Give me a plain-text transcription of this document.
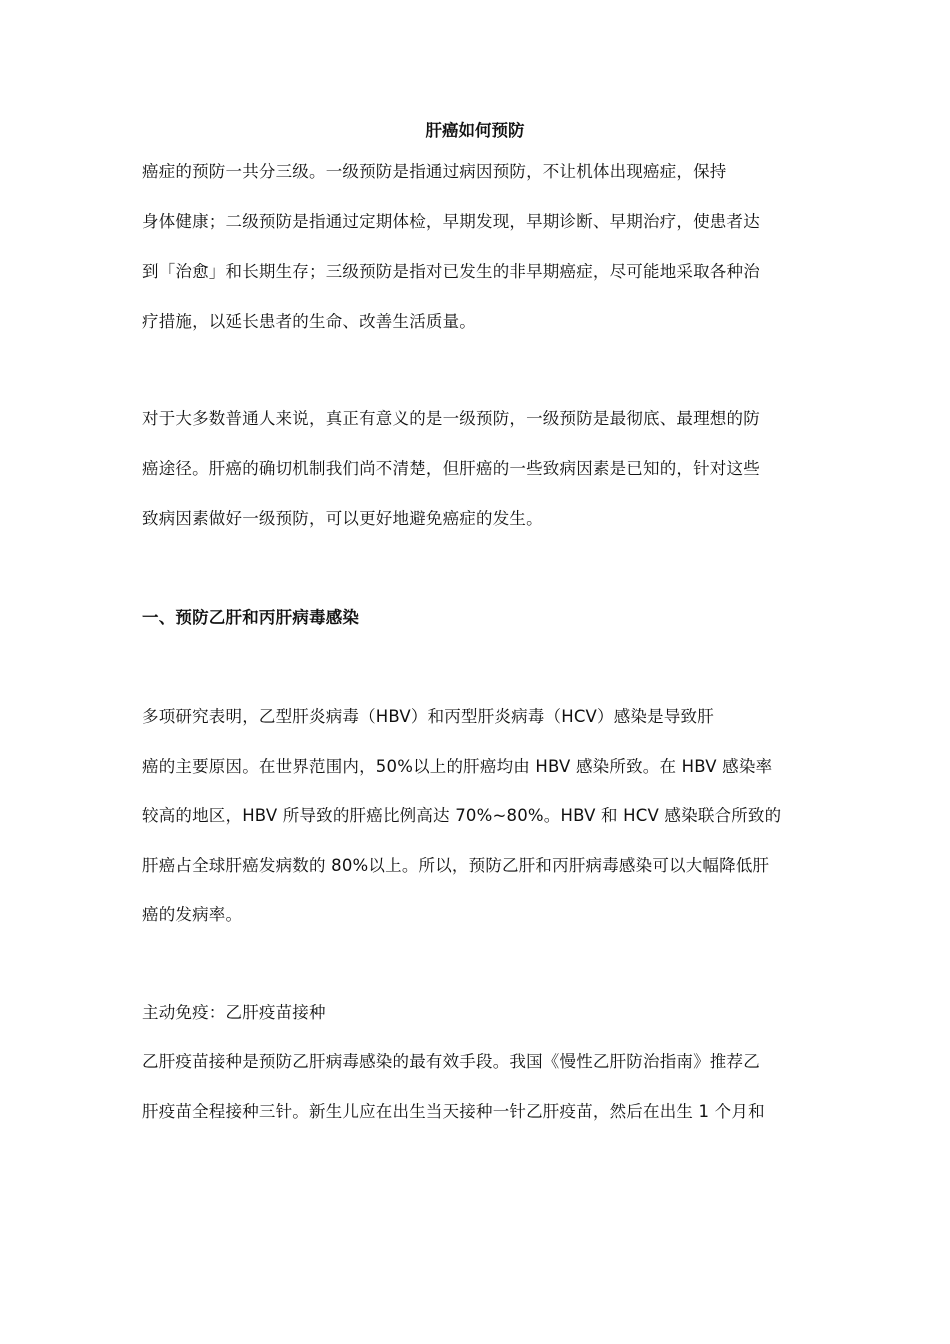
肝癌如何预防
癌症的预防一共分三级。一级预防是指通过病因预防，不让机体出现癌症，保持
身体健康；二级预防是指通过定期体检，早期发现，早期诊断、早期治疗，使患者达
到「治愈」和长期生存；三级预防是指对已发生的非早期癌症，尽可能地采取各种治
疗措施，以延长患者的生命、改善生活质量。
对于大多数普通人来说，真正有意义的是一级预防，一级预防是最彻底、最理想的防
癌途径。肝癌的确切机制我们尚不清楚，但肝癌的一些致病因素是已知的，针对这些
致病因素做好一级预防，可以更好地避免癌症的发生。
一、预防乙肝和丙肝病毒感染
多项研究表明，乙型肝炎病毒（HBV）和丙型肝炎病毒（HCV）感染是导致肝
癌的主要原因。在世界范围内，50%以上的肝癌均由 HBV 感染所致。在 HBV 感染率
较高的地区，HBV 所导致的肝癌比例高达 70%~80%。HBV 和 HCV 感染联合所致的
肝癌占全球肝癌发病数的 80%以上。所以，预防乙肝和丙肝病毒感染可以大幅降低肝
癌的发病率。
主动免疫：乙肝疫苗接种
乙肝疫苗接种是预防乙肝病毒感染的最有效手段。我国《慢性乙肝防治指南》推荐乙
肝疫苗全程接种三针。新生儿应在出生当天接种一针乙肝疫苗，然后在出生 1 个月和
